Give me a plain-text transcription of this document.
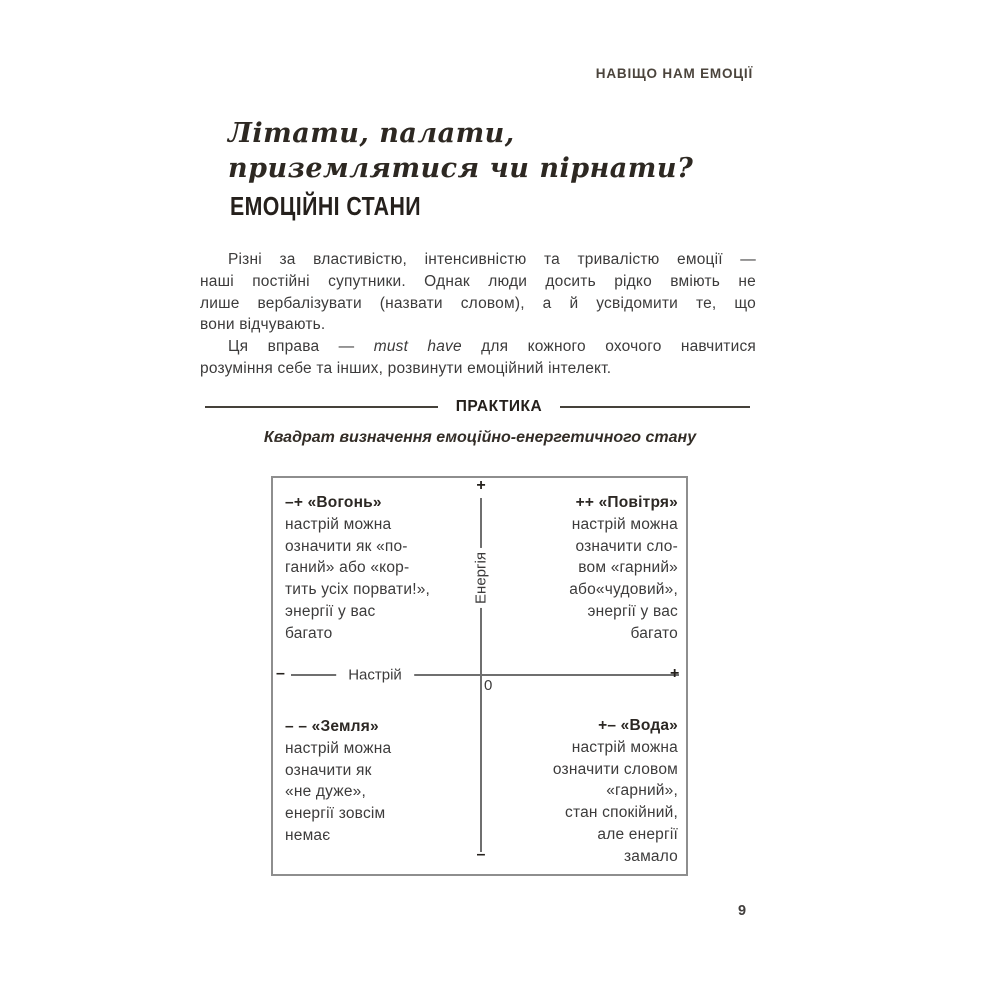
НАВІЩО НАМ ЕМОЦІЇ
Літати, палати,
приземлятися чи пірнати?
ЕМОЦІЙНІ СТАНИ
Різні за властивістю, інтенсивністю та тривалістю емоції —
наші постійні супутники. Однак люди досить рідко вміють не
лише вербалізувати (назвати словом), а й усвідомити те, що
вони відчувають.
Ця вправа — must have для кожного охочого навчитися
розуміння себе та інших, розвинути емоційний інтелект.
ПРАКТИКА
Квадрат визначення емоційно-енергетичного стану
+
Енергія
–
–	Настрій	+
0
–+ «Вогонь»
настрій можна
означити як «по-
ганий» або «кор-
тить усіх порвати!»,
энергії у вас
багато
++ «Повітря»
настрій можна
означити сло-
вом «гарний»
або«чудовий»,
энергії у вас
багато
– – «Земля»
настрій можна
означити як
«не дуже»,
енергії зовсім
немає
+– «Вода»
настрій можна
означити словом
«гарний»,
стан спокійний,
але енергії
замало
9
